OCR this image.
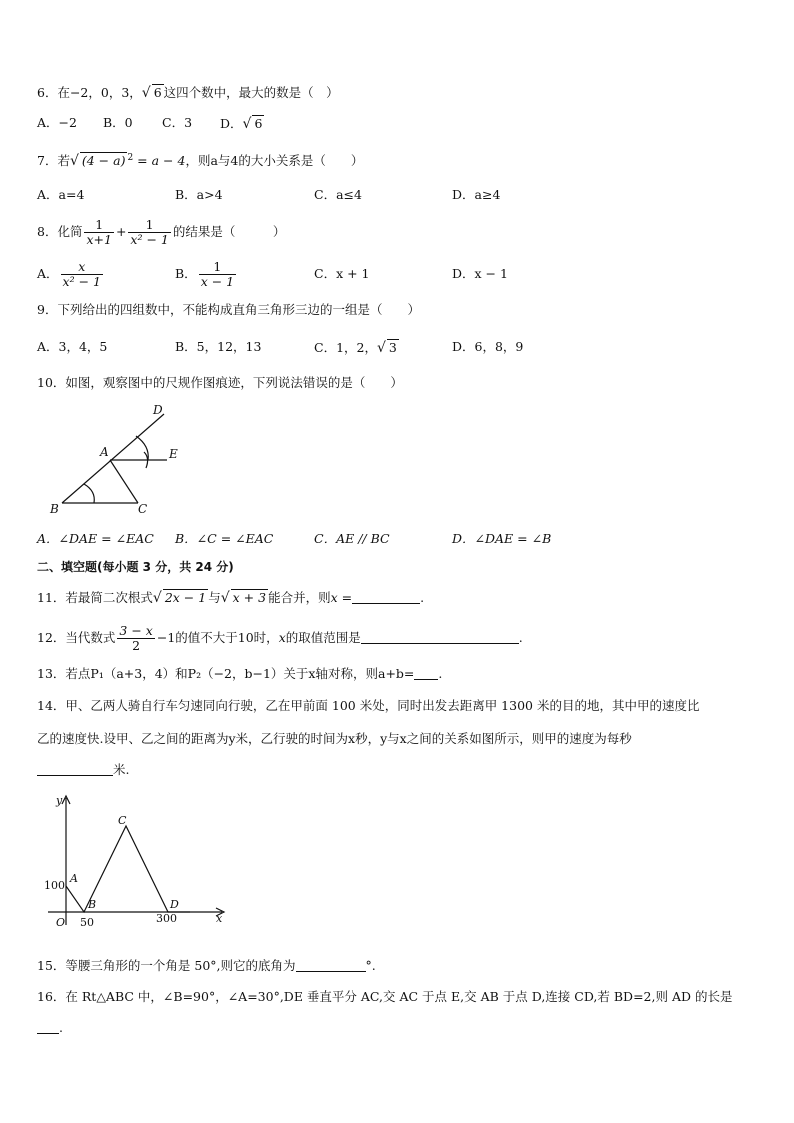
6．在−2，0，3，√ 6 这四个数中，最大的数是（　）
A．−2 B．0 C．3 D．√ 6
7．若√ (4 − a) $^2$ = a − 4，则a与4的大小关系是（　　）
A．a=4	B．a>4	C．a≤4	D．a≥4
8．化简 $\frac{1}{x+1} + \frac{1}{\text{x² − 1}}$ 的结果是（　　　）
A． $\frac{x}{\text{x² − 1}}$	B． $\frac{1}{x - 1}$	C．x + 1	D．x − 1
9．下列给出的四组数中，不能构成直角三角形三边的一组是（　　）
A．3，4，5	B．5，12，13	C．1，2，√ 3	D．6，8，9
10．如图，观察图中的尺规作图痕迹，下列说法错误的是（　　）
D
A	E
B	C
A．∠DAE = ∠EAC B．∠C = ∠EAC	C．AE // BC	D．∠DAE = ∠B
二、填空题(每小题 3 分，共 24 分)
11．若最简二次根式√ 2x − 1 与√ x + 3 能合并，则x =	.
12．当代数式 $\frac{3 - x}{2} -1$的值不大于10时，x的取值范围是	.
13．若点P₁（a+3，4）和P₂（−2，b−1）关于x轴对称，则a+b= .
14．甲、乙两人骑自行车匀速同向行驶，乙在甲前面 100 米处，同时出发去距离甲 1300 米的目的地，其中甲的速度比
乙的速度快.设甲、乙之间的距离为y米，乙行驶的时间为x秒，y与x之间的关系如图所示，则甲的速度为每秒
米.
y
x
O
A
B
C
D
100
50	300
15．等腰三角形的一个角是 50°,则它的底角为	°.
16．在 Rt△ABC 中，∠B=90°，∠A=30°,DE 垂直平分 AC,交 AC 于点 E,交 AB 于点 D,连接 CD,若 BD=2,则 AD 的长是
.
